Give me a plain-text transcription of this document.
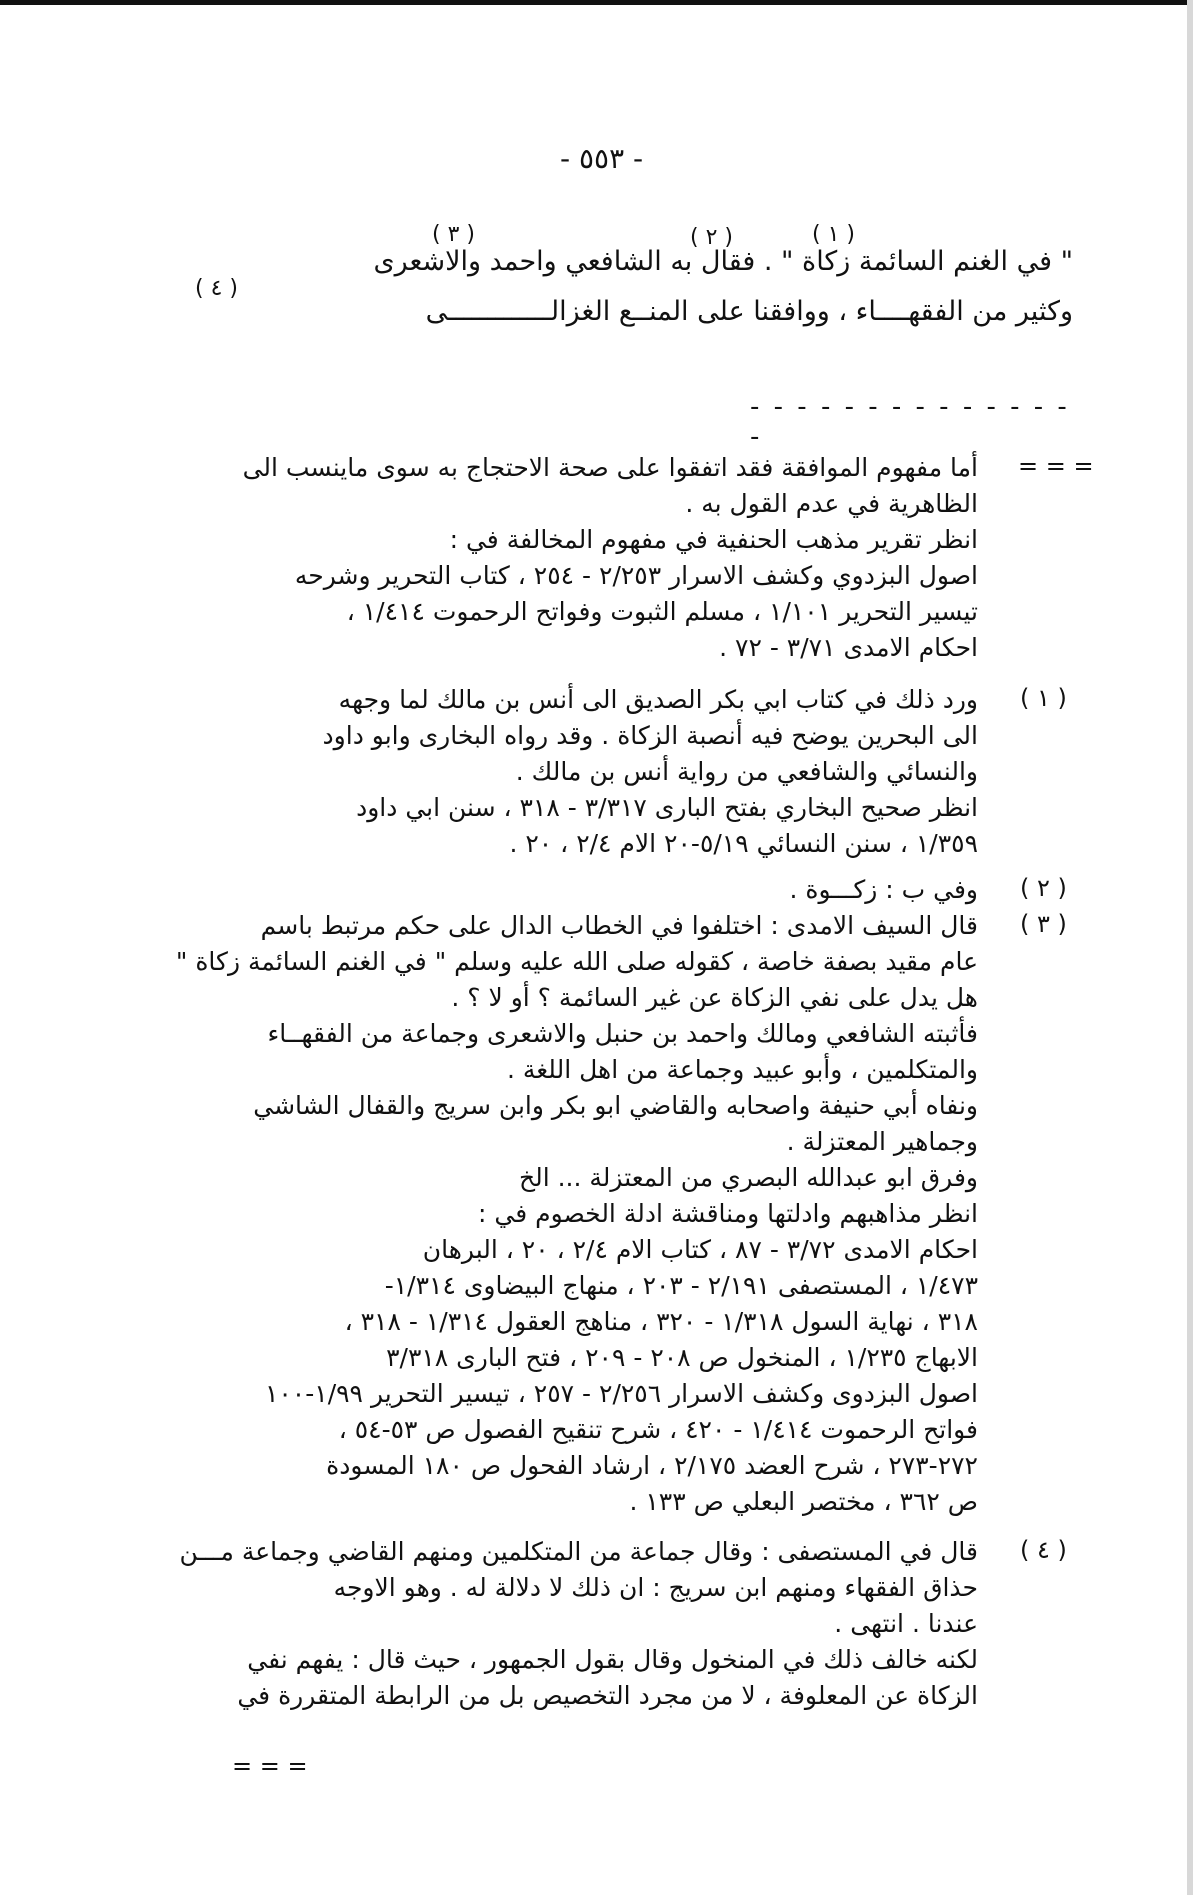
- ٥٥٣ -
" في الغنم السائمة زكاة " . فقال به الشافعي واحمد والاشعرى
وكثير من الفقهــــاء ، ووافقنا على المنــع الغزالـــــــــــــى
( ١ )
( ٢ )
( ٣ )
( ٤ )
- - - - - - - - - - - - - - -
= = =
أما مفهوم الموافقة فقد اتفقوا على صحة الاحتجاج به سوى ماينسب الى
الظاهرية في عدم القول به .
انظر تقرير مذهب الحنفية في مفهوم المخالفة في :
اصول البزدوي وكشف الاسرار ٢/٢٥٣ - ٢٥٤ ، كتاب التحرير وشرحه
تيسير التحرير ١/١٠١ ، مسلم الثبوت وفواتح الرحموت ١/٤١٤ ،
احكام الامدى ٣/٧١ - ٧٢ .
( ١ )
ورد ذلك في كتاب ابي بكر الصديق الى أنس بن مالك لما وجهه
الى البحرين يوضح فيه أنصبة الزكاة . وقد رواه البخارى وابو داود
والنسائي والشافعي من رواية أنس بن مالك .
انظر صحيح البخاري بفتح البارى ٣/٣١٧ - ٣١٨ ، سنن ابي داود
١/٣٥٩ ، سنن النسائي ٥/١٩-٢٠ الام ٢/٤ ، ٢٠ .
( ٢ )
وفي ب : زكـــوة .
( ٣ )
قال السيف الامدى : اختلفوا في الخطاب الدال على حكم مرتبط باسم
عام مقيد بصفة خاصة ، كقوله صلى الله عليه وسلم " في الغنم السائمة زكاة "
هل يدل على نفي الزكاة عن غير السائمة ؟ أو لا ؟ .
فأثبته الشافعي ومالك واحمد بن حنبل والاشعرى وجماعة من الفقهــاء
والمتكلمين ، وأبو عبيد وجماعة من اهل اللغة .
ونفاه أبي حنيفة واصحابه والقاضي ابو بكر وابن سريج والقفال الشاشي
وجماهير المعتزلة .
وفرق ابو عبدالله البصري من المعتزلة ... الخ
انظر مذاهبهم وادلتها ومناقشة ادلة الخصوم في :
احكام الامدى ٣/٧٢ - ٨٧ ، كتاب الام ٢/٤ ، ٢٠ ، البرهان
١/٤٧٣ ، المستصفى ٢/١٩١ - ٢٠٣ ، منهاج البيضاوى ١/٣١٤-
٣١٨ ، نهاية السول ١/٣١٨ - ٣٢٠ ، مناهج العقول ١/٣١٤ - ٣١٨ ،
الابهاج ١/٢٣٥ ، المنخول ص ٢٠٨ - ٢٠٩ ، فتح البارى ٣/٣١٨
اصول البزدوى وكشف الاسرار ٢/٢٥٦ - ٢٥٧ ، تيسير التحرير ١/٩٩-١٠٠
فواتح الرحموت ١/٤١٤ - ٤٢٠ ، شرح تنقيح الفصول ص ٥٣-٥٤ ،
٢٧٢-٢٧٣ ، شرح العضد ٢/١٧٥ ، ارشاد الفحول ص ١٨٠ المسودة
ص ٣٦٢ ، مختصر البعلي ص ١٣٣ .
( ٤ )
قال في المستصفى : وقال جماعة من المتكلمين ومنهم القاضي وجماعة مـــن
حذاق الفقهاء ومنهم ابن سريج : ان ذلك لا دلالة له . وهو الاوجه
عندنا . انتهى .
لكنه خالف ذلك في المنخول وقال بقول الجمهور ، حيث قال : يفهم نفي
الزكاة عن المعلوفة ، لا من مجرد التخصيص بل من الرابطة المتقررة في
= = =
